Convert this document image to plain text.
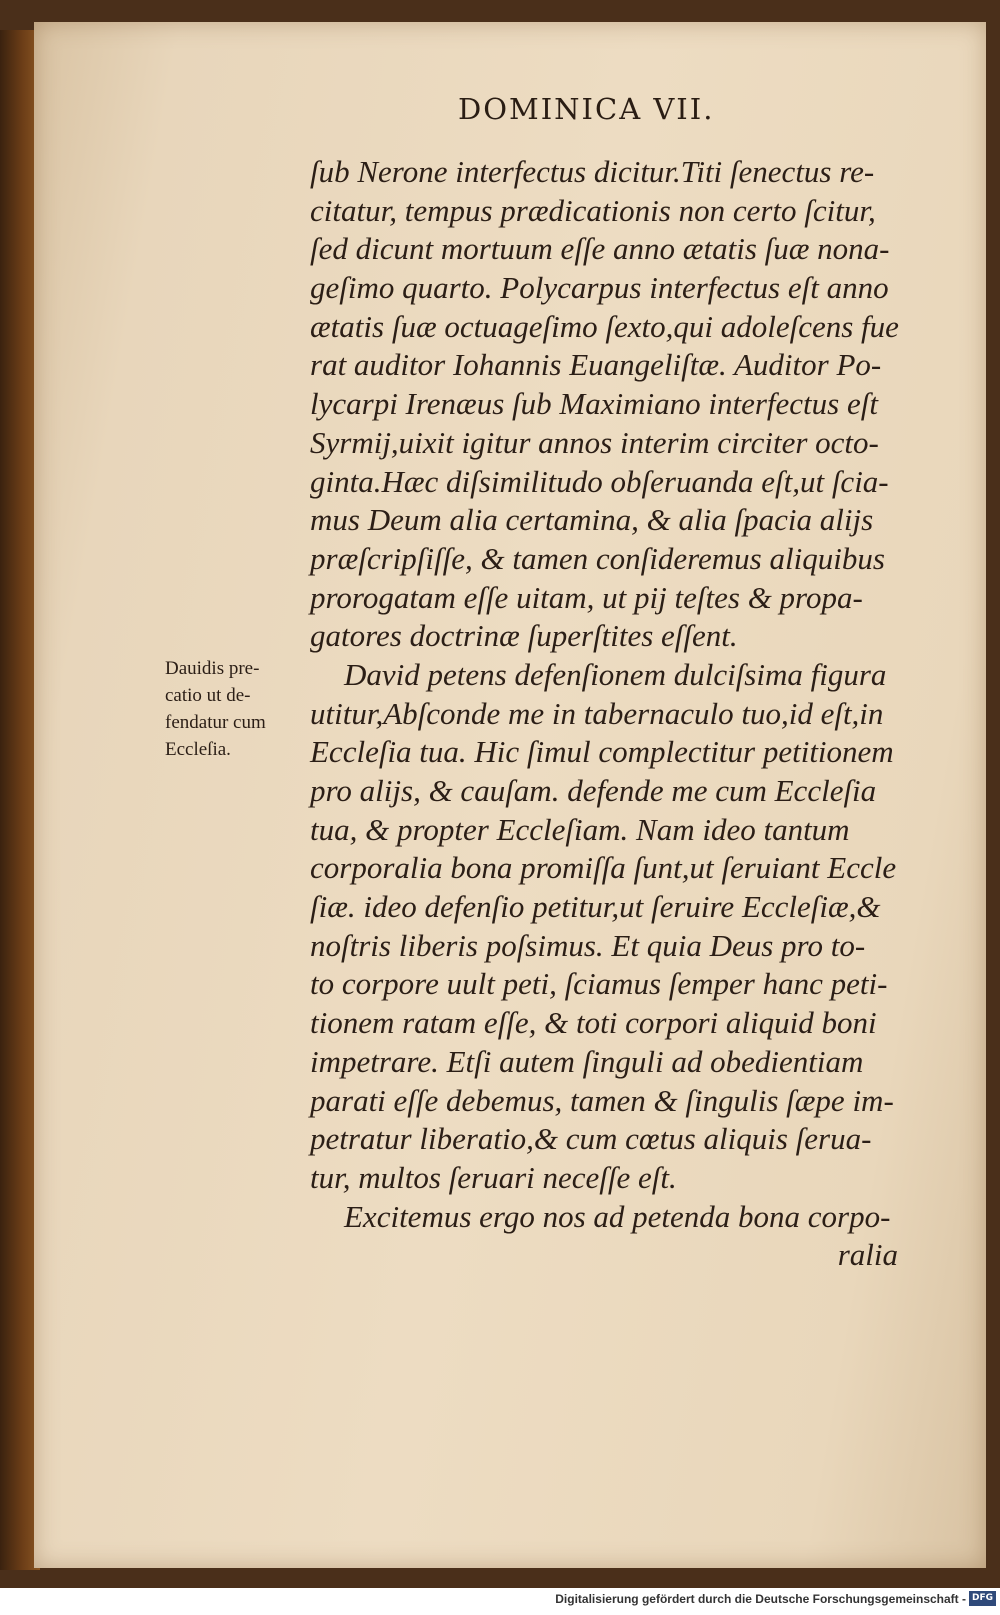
DOMINICA VII.
Dauidis pre-
catio ut de-
fendatur cum
Eccleſia.
ſub Nerone interfectus dicitur.Titi ſenectus re-
citatur, tempus prædicationis non certo ſcitur,
ſed dicunt mortuum eſſe anno ætatis ſuæ nona-
geſimo quarto. Polycarpus interfectus eſt anno
ætatis ſuæ octuageſimo ſexto,qui adoleſcens fue
rat auditor Iohannis Euangeliſtæ. Auditor Po-
lycarpi Irenæus ſub Maximiano interfectus eſt
Syrmij,uixit igitur annos interim circiter octo-
ginta.Hæc diſsimilitudo obſeruanda eſt,ut ſcia-
mus Deum alia certamina, & alia ſpacia alijs
præſcripſiſſe, & tamen conſideremus aliquibus
prorogatam eſſe uitam, ut pij teſtes & propa-
gatores doctrinæ ſuperſtites eſſent.
David petens defenſionem dulciſsima figura
utitur,Abſconde me in tabernaculo tuo,id eſt,in
Eccleſia tua. Hic ſimul complectitur petitionem
pro alijs, & cauſam. defende me cum Eccleſia
tua, & propter Eccleſiam. Nam ideo tantum
corporalia bona promiſſa ſunt,ut ſeruiant Eccle
ſiæ. ideo defenſio petitur,ut ſeruire Eccleſiæ,&
noſtris liberis poſsimus. Et quia Deus pro to-
to corpore uult peti, ſciamus ſemper hanc peti-
tionem ratam eſſe, & toti corpori aliquid boni
impetrare. Etſi autem ſinguli ad obedientiam
parati eſſe debemus, tamen & ſingulis ſæpe im-
petratur liberatio,& cum cœtus aliquis ſerua-
tur, multos ſeruari neceſſe eſt.
Excitemus ergo nos ad petenda bona corpo-
ralia
Digitalisierung gefördert durch die Deutsche Forschungsgemeinschaft - DFG
